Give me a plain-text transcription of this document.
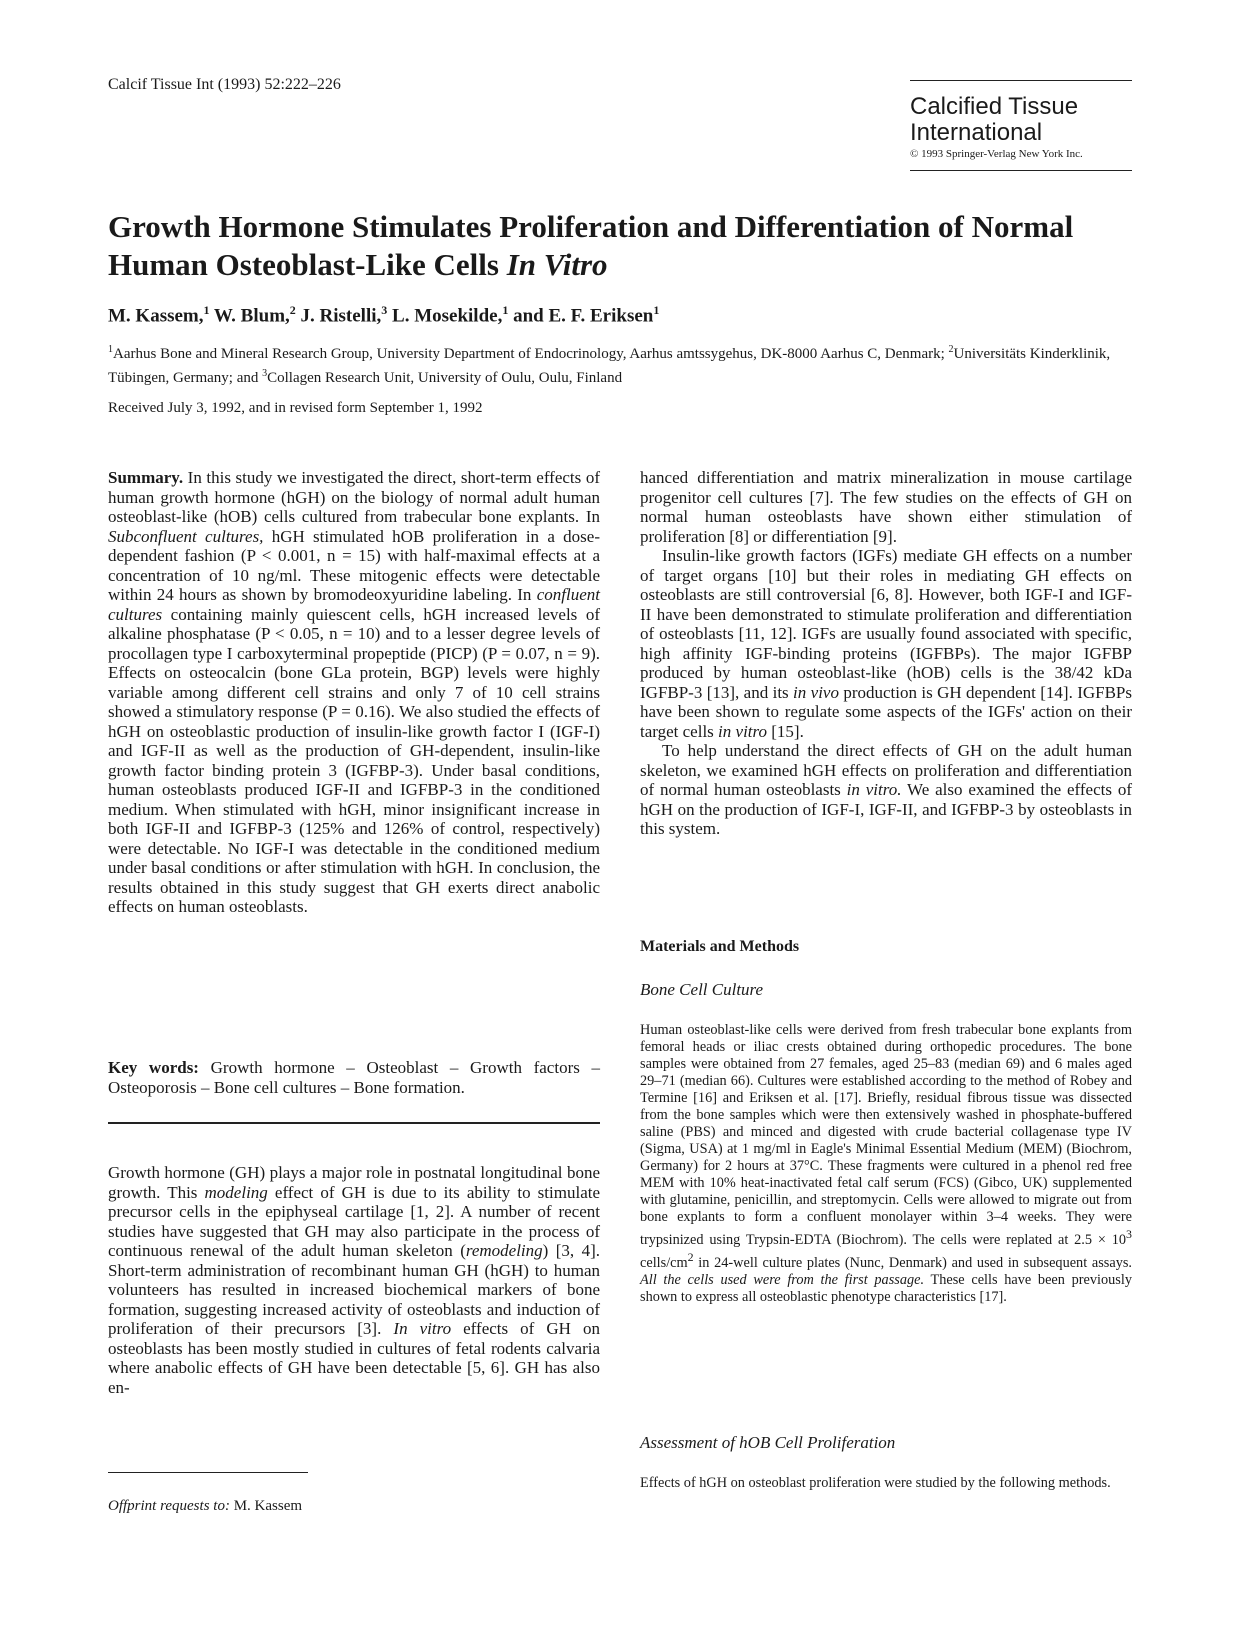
Calcif Tissue Int (1993) 52:222–226
Calcified Tissue
International
© 1993 Springer-Verlag New York Inc.
Growth Hormone Stimulates Proliferation and Differentiation of Normal Human Osteoblast-Like Cells In Vitro
M. Kassem,$^1$ W. Blum,$^2$ J. Ristelli,$^3$ L. Mosekilde,$^1$ and E. F. Eriksen$^1$
$^1$Aarhus Bone and Mineral Research Group, University Department of Endocrinology, Aarhus amtssygehus, DK-8000 Aarhus C, Denmark; $^2$Universitäts Kinderklinik, Tübingen, Germany; and $^3$Collagen Research Unit, University of Oulu, Oulu, Finland
Received July 3, 1992, and in revised form September 1, 1992
Summary. In this study we investigated the direct, short-term effects of human growth hormone (hGH) on the biology of normal adult human osteoblast-like (hOB) cells cultured from trabecular bone explants. In Subconfluent cultures, hGH stimulated hOB proliferation in a dose-dependent fashion (P < 0.001, n = 15) with half-maximal effects at a concentration of 10 ng/ml. These mitogenic effects were detectable within 24 hours as shown by bromodeoxyuridine labeling. In confluent cultures containing mainly quiescent cells, hGH increased levels of alkaline phosphatase (P < 0.05, n = 10) and to a lesser degree levels of procollagen type I carboxyterminal propeptide (PICP) (P = 0.07, n = 9). Effects on osteocalcin (bone GLa protein, BGP) levels were highly variable among different cell strains and only 7 of 10 cell strains showed a stimulatory response (P = 0.16). We also studied the effects of hGH on osteoblastic production of insulin-like growth factor I (IGF-I) and IGF-II as well as the production of GH-dependent, insulin-like growth factor binding protein 3 (IGFBP-3). Under basal conditions, human osteoblasts produced IGF-II and IGFBP-3 in the conditioned medium. When stimulated with hGH, minor insignificant increase in both IGF-II and IGFBP-3 (125% and 126% of control, respectively) were detectable. No IGF-I was detectable in the conditioned medium under basal conditions or after stimulation with hGH. In conclusion, the results obtained in this study suggest that GH exerts direct anabolic effects on human osteoblasts.
Key words: Growth hormone – Osteoblast – Growth factors – Osteoporosis – Bone cell cultures – Bone formation.
Growth hormone (GH) plays a major role in postnatal longitudinal bone growth. This modeling effect of GH is due to its ability to stimulate precursor cells in the epiphyseal cartilage [1, 2]. A number of recent studies have suggested that GH may also participate in the process of continuous renewal of the adult human skeleton (remodeling) [3, 4]. Short-term administration of recombinant human GH (hGH) to human volunteers has resulted in increased biochemical markers of bone formation, suggesting increased activity of osteoblasts and induction of proliferation of their precursors [3]. In vitro effects of GH on osteoblasts has been mostly studied in cultures of fetal rodents calvaria where anabolic effects of GH have been detectable [5, 6]. GH has also en-
Offprint requests to: M. Kassem

hanced differentiation and matrix mineralization in mouse cartilage progenitor cell cultures [7]. The few studies on the effects of GH on normal human osteoblasts have shown either stimulation of proliferation [8] or differentiation [9].

Insulin-like growth factors (IGFs) mediate GH effects on a number of target organs [10] but their roles in mediating GH effects on osteoblasts are still controversial [6, 8]. However, both IGF-I and IGF-II have been demonstrated to stimulate proliferation and differentiation of osteoblasts [11, 12]. IGFs are usually found associated with specific, high affinity IGF-binding proteins (IGFBPs). The major IGFBP produced by human osteoblast-like (hOB) cells is the 38/42 kDa IGFBP-3 [13], and its in vivo production is GH dependent [14]. IGFBPs have been shown to regulate some aspects of the IGFs' action on their target cells in vitro [15].

To help understand the direct effects of GH on the adult human skeleton, we examined hGH effects on proliferation and differentiation of normal human osteoblasts in vitro. We also examined the effects of hGH on the production of IGF-I, IGF-II, and IGFBP-3 by osteoblasts in this system.

Materials and Methods
Bone Cell Culture
Human osteoblast-like cells were derived from fresh trabecular bone explants from femoral heads or iliac crests obtained during orthopedic procedures. The bone samples were obtained from 27 females, aged 25–83 (median 69) and 6 males aged 29–71 (median 66). Cultures were established according to the method of Robey and Termine [16] and Eriksen et al. [17]. Briefly, residual fibrous tissue was dissected from the bone samples which were then extensively washed in phosphate-buffered saline (PBS) and minced and digested with crude bacterial collagenase type IV (Sigma, USA) at 1 mg/ml in Eagle's Minimal Essential Medium (MEM) (Biochrom, Germany) for 2 hours at 37°C. These fragments were cultured in a phenol red free MEM with 10% heat-inactivated fetal calf serum (FCS) (Gibco, UK) supplemented with glutamine, penicillin, and streptomycin. Cells were allowed to migrate out from bone explants to form a confluent monolayer within 3–4 weeks. They were trypsinized using Trypsin-EDTA (Biochrom). The cells were replated at $2.5 \times 10^3$ cells/$cm^2$ in 24-well culture plates (Nunc, Denmark) and used in subsequent assays. All the cells used were from the first passage. These cells have been previously shown to express all osteoblastic phenotype characteristics [17].
Assessment of hOB Cell Proliferation
Effects of hGH on osteoblast proliferation were studied by the following methods.
